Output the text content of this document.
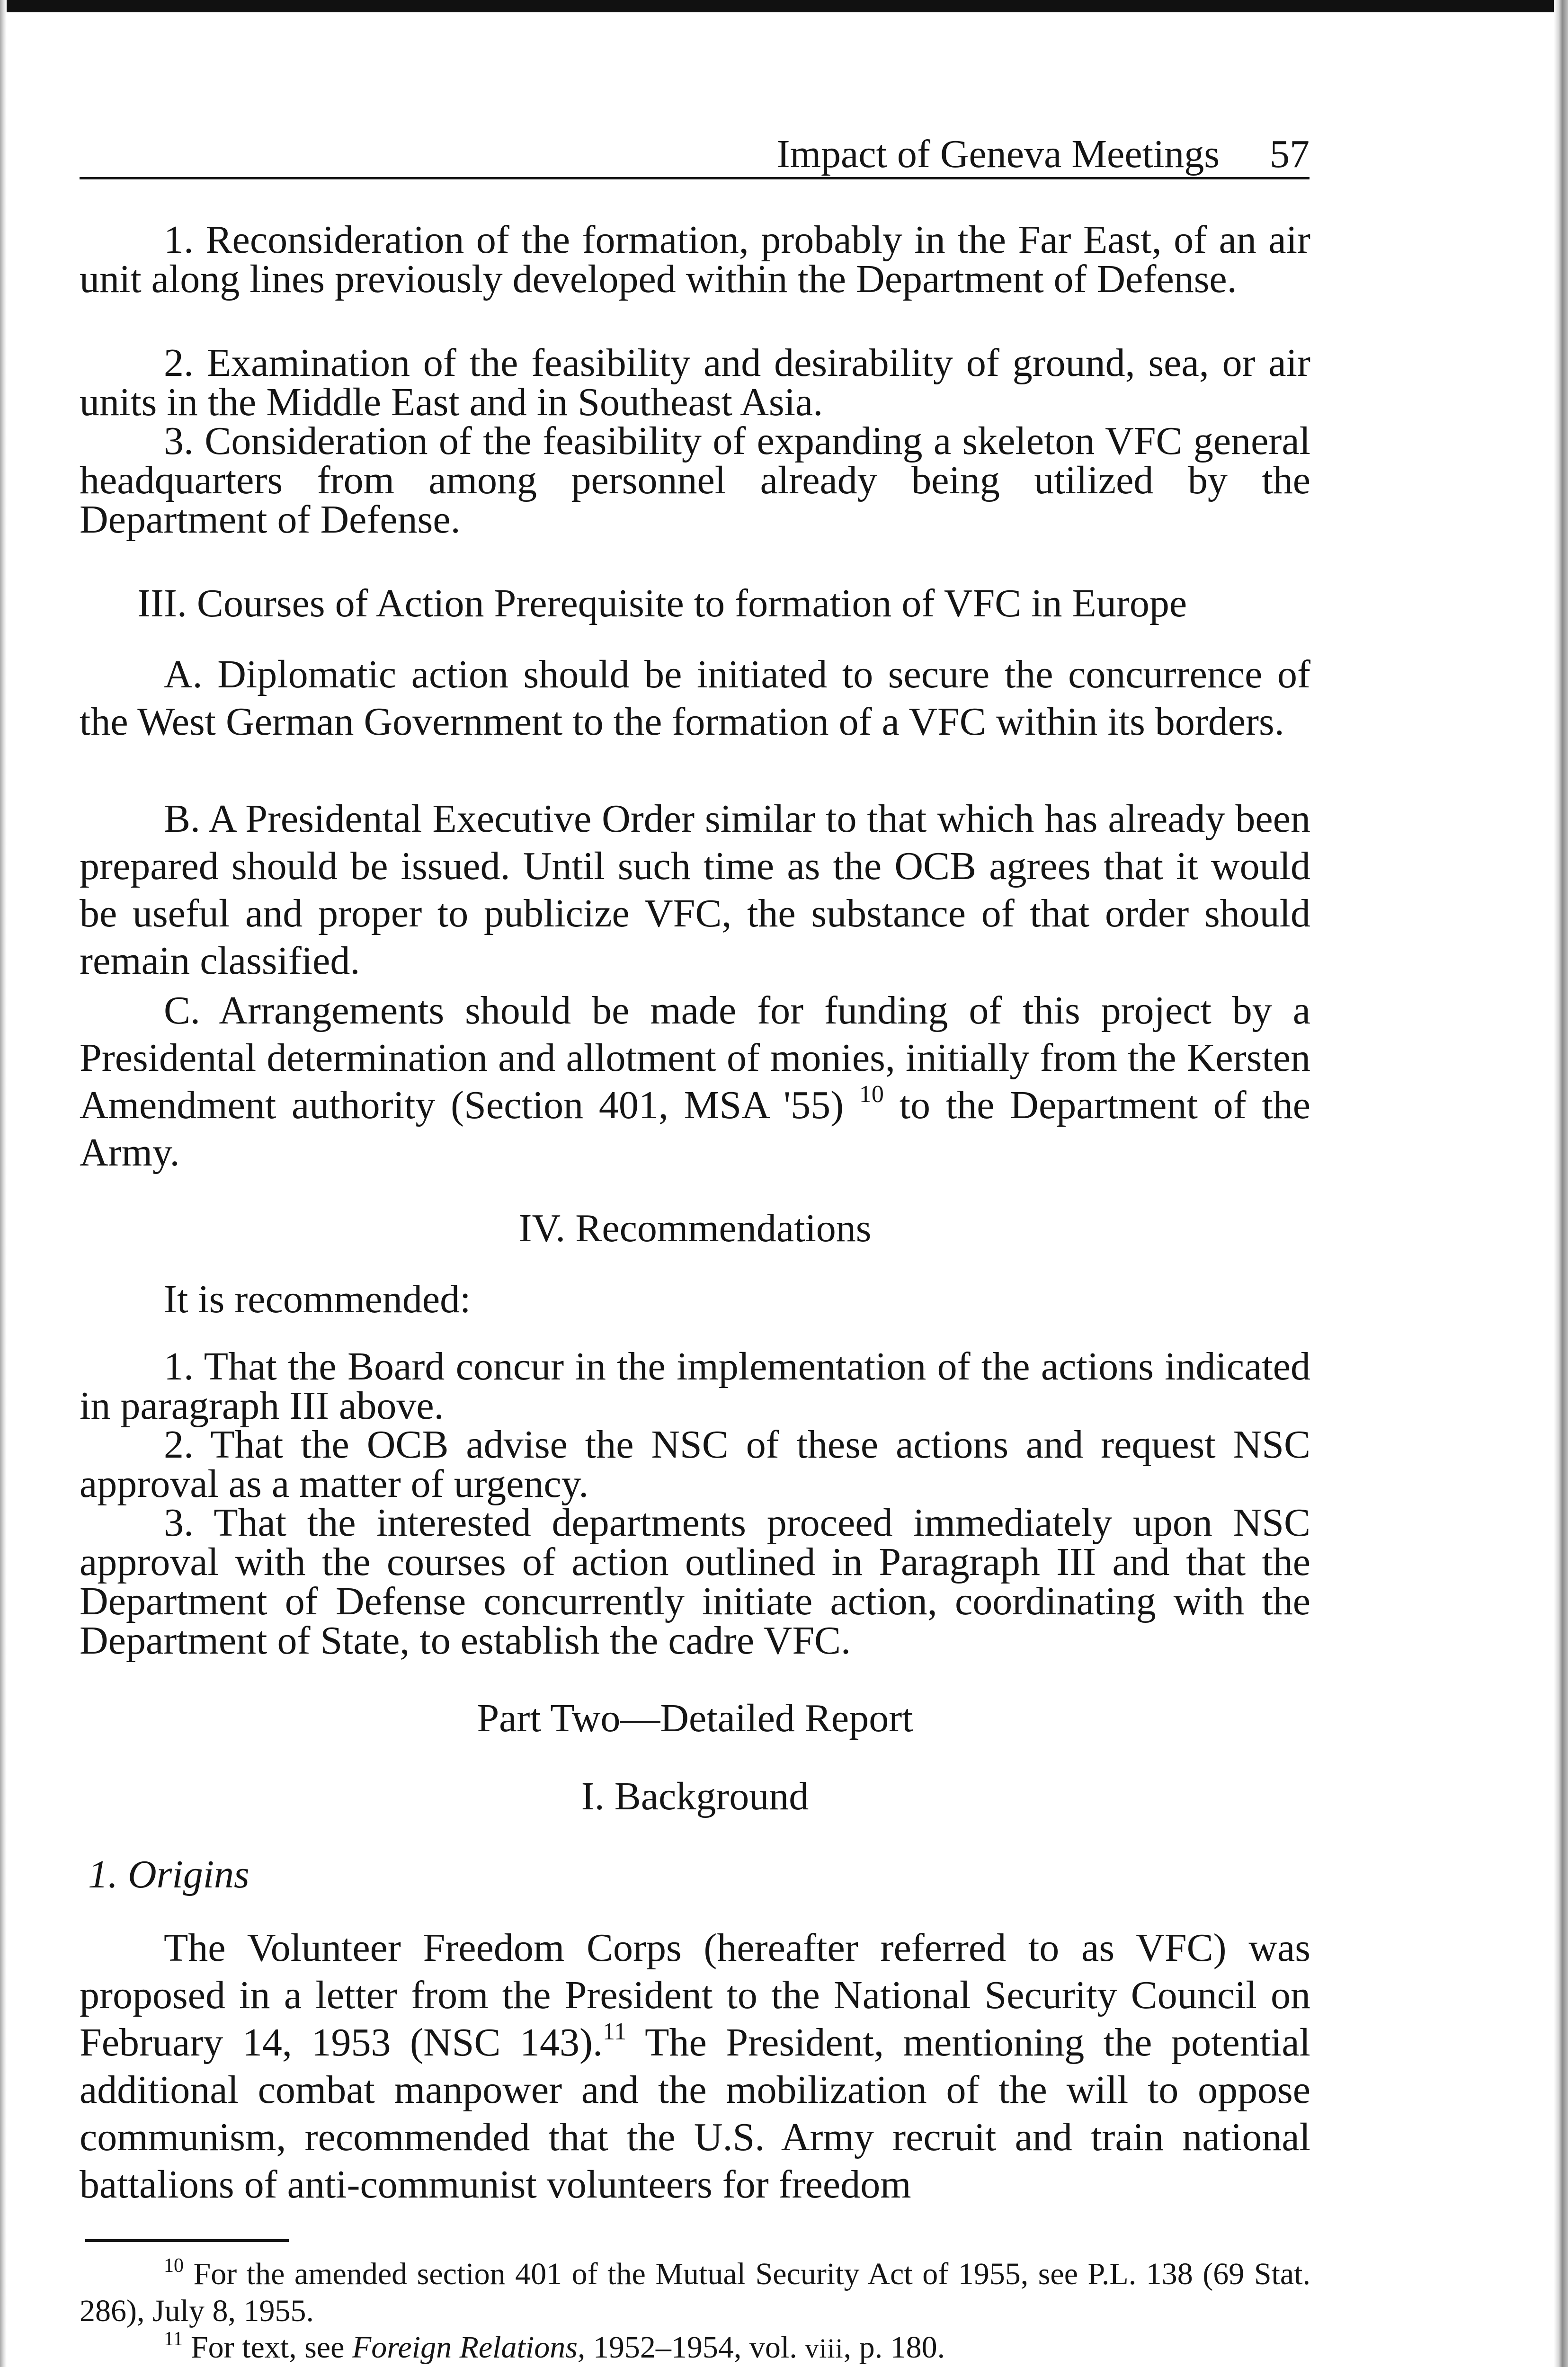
Impact of Geneva Meetings 57
1. Reconsideration of the formation, probably in the Far East, of an air unit along lines previously developed within the Department of Defense.
2. Examination of the feasibility and desirability of ground, sea, or air units in the Middle East and in Southeast Asia.
3. Consideration of the feasibility of expanding a skeleton VFC general headquarters from among personnel already being utilized by the Department of Defense.
III. Courses of Action Prerequisite to formation of VFC in Europe
A. Diplomatic action should be initiated to secure the concurrence of the West German Government to the formation of a VFC within its borders.
B. A Presidental Executive Order similar to that which has already been prepared should be issued. Until such time as the OCB agrees that it would be useful and proper to publicize VFC, the substance of that order should remain classified.
C. Arrangements should be made for funding of this project by a Presidental determination and allotment of monies, initially from the Kersten Amendment authority (Section 401, MSA '55) $^{10}$ to the Department of the Army.
IV. Recommendations
It is recommended:
1. That the Board concur in the implementation of the actions indicated in paragraph III above.
2. That the OCB advise the NSC of these actions and request NSC approval as a matter of urgency.
3. That the interested departments proceed immediately upon NSC approval with the courses of action outlined in Paragraph III and that the Department of Defense concurrently initiate action, coordinating with the Department of State, to establish the cadre VFC.
Part Two—Detailed Report
I. Background
1. Origins
The Volunteer Freedom Corps (hereafter referred to as VFC) was proposed in a letter from the President to the National Security Council on February 14, 1953 (NSC 143).$^{11}$ The President, mentioning the potential additional combat manpower and the mobilization of the will to oppose communism, recommended that the U.S. Army recruit and train national battalions of anti-communist volunteers for freedom
$^{10}$ For the amended section 401 of the Mutual Security Act of 1955, see P.L. 138 (69 Stat. 286), July 8, 1955.
$^{11}$ For text, see Foreign Relations, 1952–1954, vol. viii, p. 180.
